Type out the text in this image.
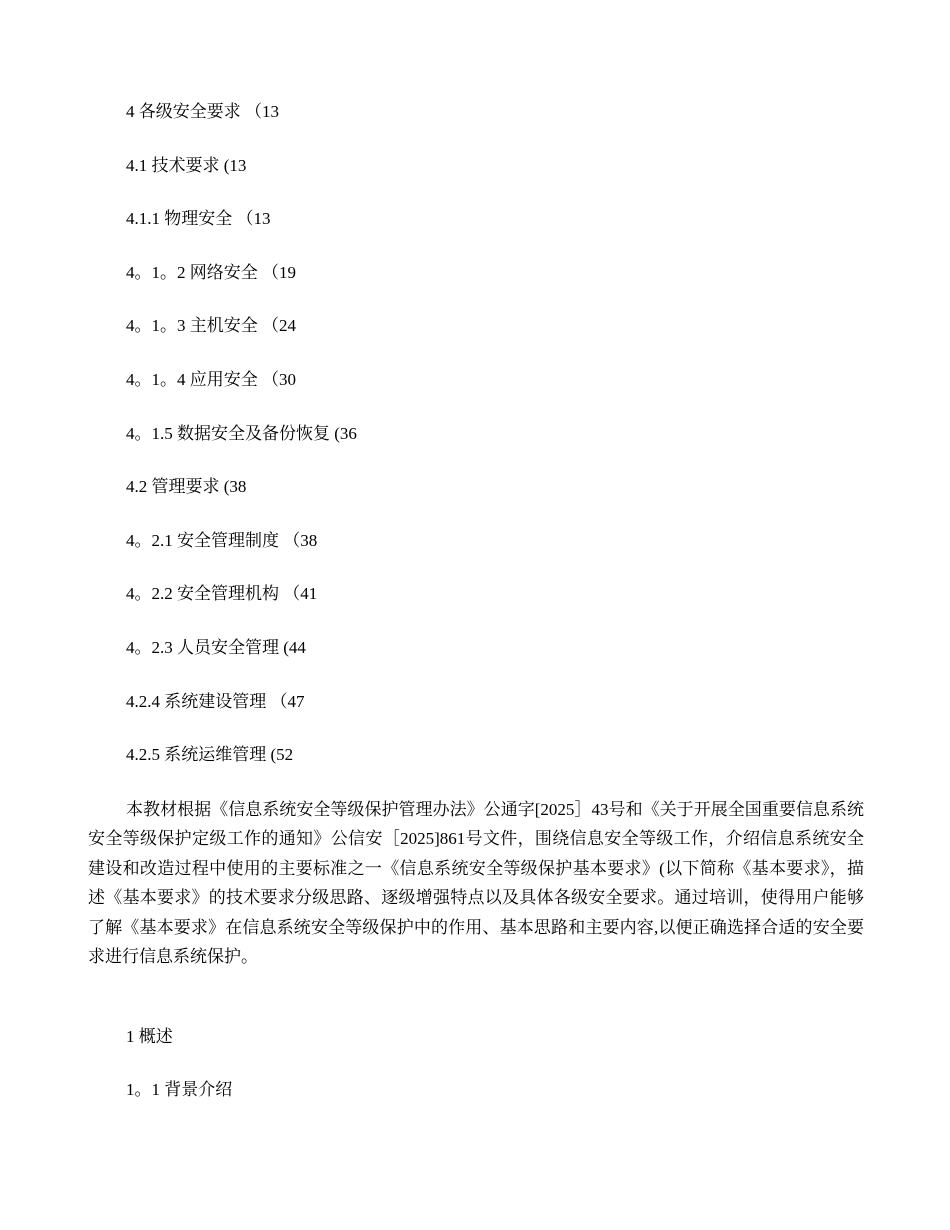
4 各级安全要求 （13
4.1 技术要求 (13
4.1.1 物理安全 （13
4。1。2 网络安全 （19
4。1。3 主机安全 （24
4。1。4 应用安全 （30
4。1.5 数据安全及备份恢复 (36
4.2 管理要求 (38
4。2.1 安全管理制度 （38
4。2.2 安全管理机构 （41
4。2.3 人员安全管理 (44
4.2.4 系统建设管理 （47
4.2.5 系统运维管理 (52

本教材根据《信息系统安全等级保护管理办法》公通字[2025］43号和《关于开展全国重要信息系统安全等级保护定级工作的通知》公信安［2025]861号文件，围绕信息安全等级工作，介绍信息系统安全建设和改造过程中使用的主要标准之一《信息系统安全等级保护基本要求》(以下简称《基本要求》，描述《基本要求》的技术要求分级思路、逐级增强特点以及具体各级安全要求。通过培训，使得用户能够了解《基本要求》在信息系统安全等级保护中的作用、基本思路和主要内容,以便正确选择合适的安全要求进行信息系统保护。

1 概述

1。1 背景介绍
